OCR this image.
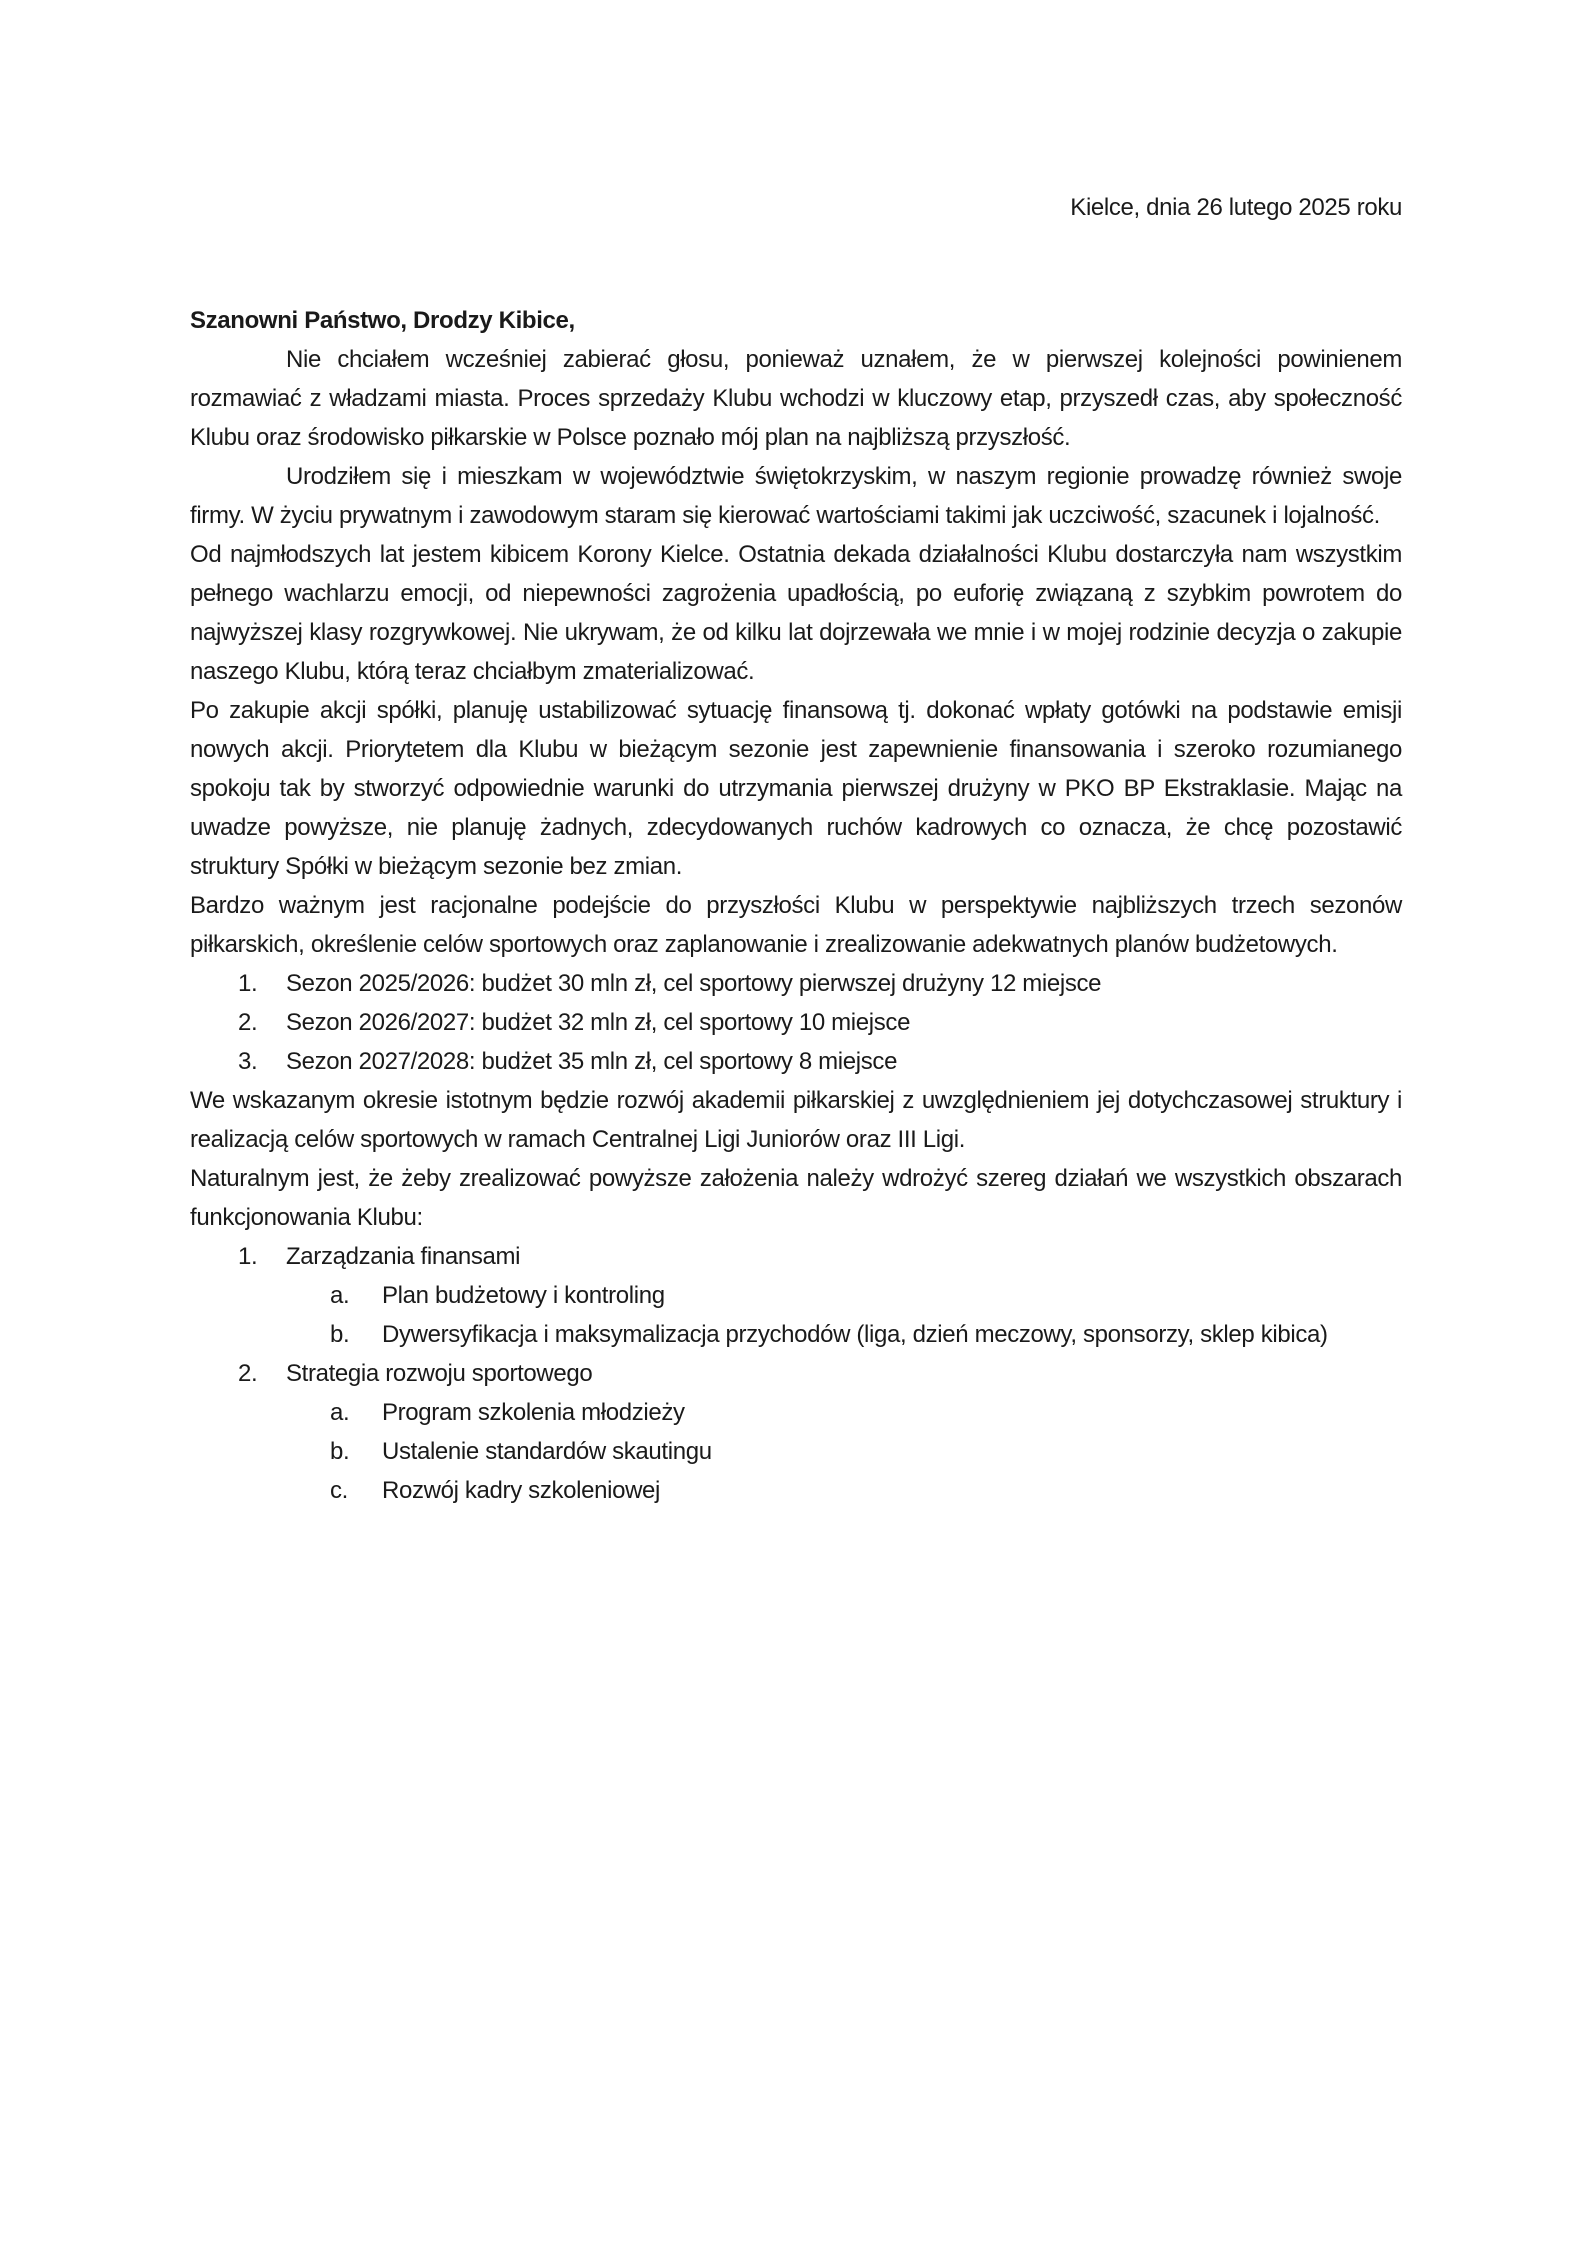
Kielce, dnia 26 lutego 2025 roku

Szanowni Państwo, Drodzy Kibice,

Nie chciałem wcześniej zabierać głosu, ponieważ uznałem, że w pierwszej kolejności powinienem rozmawiać z władzami miasta. Proces sprzedaży Klubu wchodzi w kluczowy etap, przyszedł czas, aby społeczność Klubu oraz środowisko piłkarskie w Polsce poznało mój plan na najbliższą przyszłość.

Urodziłem się i mieszkam w województwie świętokrzyskim, w naszym regionie prowadzę również swoje firmy. W życiu prywatnym i zawodowym staram się kierować wartościami takimi jak uczciwość, szacunek i lojalność.

Od najmłodszych lat jestem kibicem Korony Kielce. Ostatnia dekada działalności Klubu dostarczyła nam wszystkim pełnego wachlarzu emocji, od niepewności zagrożenia upadłością, po euforię związaną z szybkim powrotem do najwyższej klasy rozgrywkowej. Nie ukrywam, że od kilku lat dojrzewała we mnie i w mojej rodzinie decyzja o zakupie naszego Klubu, którą teraz chciałbym zmaterializować.

Po zakupie akcji spółki, planuję ustabilizować sytuację finansową tj. dokonać wpłaty gotówki na podstawie emisji nowych akcji. Priorytetem dla Klubu w bieżącym sezonie jest zapewnienie finansowania i szeroko rozumianego spokoju tak by stworzyć odpowiednie warunki do utrzymania pierwszej drużyny w PKO BP Ekstraklasie. Mając na uwadze powyższe, nie planuję żadnych, zdecydowanych ruchów kadrowych co oznacza, że chcę pozostawić struktury Spółki w bieżącym sezonie bez zmian.

Bardzo ważnym jest racjonalne podejście do przyszłości Klubu w perspektywie najbliższych trzech sezonów piłkarskich, określenie celów sportowych oraz zaplanowanie i zrealizowanie adekwatnych planów budżetowych.

1. Sezon 2025/2026: budżet 30 mln zł, cel sportowy pierwszej drużyny 12 miejsce
2. Sezon 2026/2027: budżet 32 mln zł, cel sportowy 10 miejsce
3. Sezon 2027/2028: budżet 35 mln zł, cel sportowy 8 miejsce

We wskazanym okresie istotnym będzie rozwój akademii piłkarskiej z uwzględnieniem jej dotychczasowej struktury i realizacją celów sportowych w ramach Centralnej Ligi Juniorów oraz III Ligi.

Naturalnym jest, że żeby zrealizować powyższe założenia należy wdrożyć szereg działań we wszystkich obszarach funkcjonowania Klubu:

1. Zarządzania finansami
a. Plan budżetowy i kontroling
b. Dywersyfikacja i maksymalizacja przychodów (liga, dzień meczowy, sponsorzy, sklep kibica)
2. Strategia rozwoju sportowego
a. Program szkolenia młodzieży
b. Ustalenie standardów skautingu
c. Rozwój kadry szkoleniowej
